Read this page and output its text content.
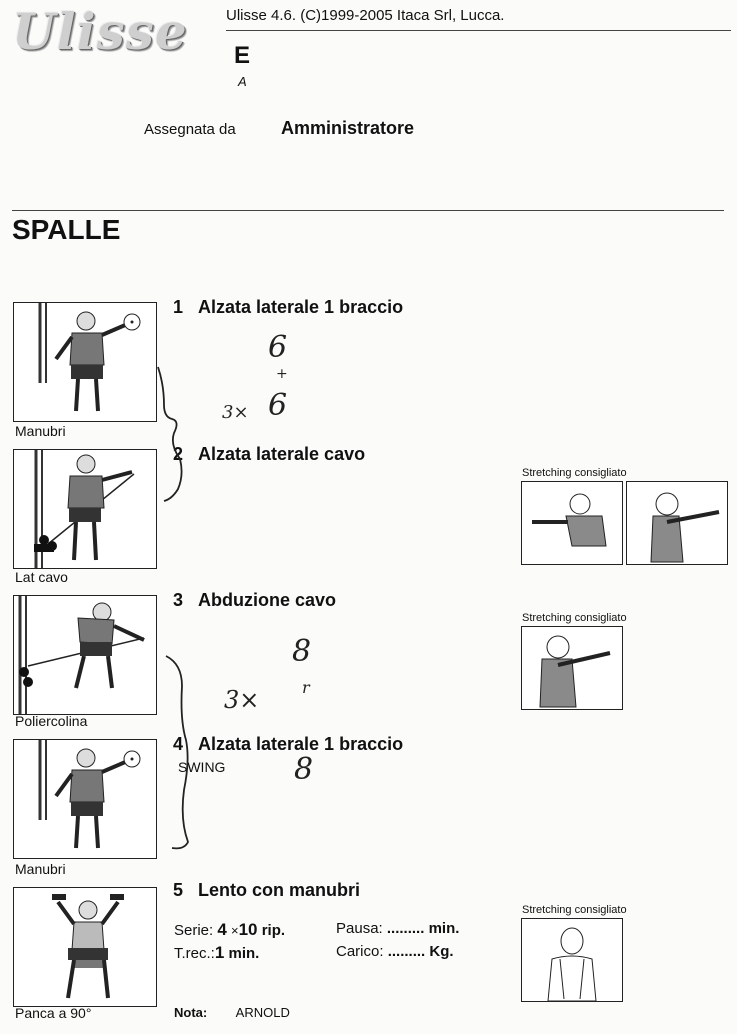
Ulisse	Ulisse 4.6. (C)1999-2005 Itaca Srl, Lucca.
E
A
Assegnata da	Amministratore
SPALLE
Manubri
1 Alzata laterale 1 braccio
Lat cavo
2 Alzata laterale cavo
Stretching consigliato
Poliercolina
3 Abduzione cavo
Stretching consigliato
Manubri
4 Alzata laterale 1 braccio
SWING
Panca a 90°
5 Lento con manubri
Serie: 4 ×10 rip.	Pausa: ......... min.
T.rec.:1 min.	Carico: ......... Kg.
Nota: ARNOLD
Stretching consigliato
6
+
3× 6
8
r
3×
8
